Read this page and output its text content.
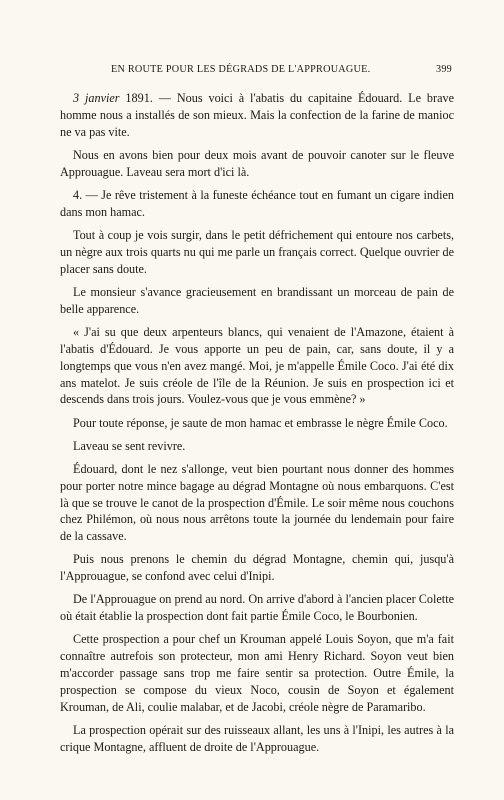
EN ROUTE POUR LES DÉGRADS DE L'APPROUAGUE.	399

3 janvier 1891. — Nous voici à l'abatis du capitaine Édouard. Le brave homme nous a installés de son mieux. Mais la confection de la farine de manioc ne va pas vite.

Nous en avons bien pour deux mois avant de pouvoir canoter sur le fleuve Approuague. Laveau sera mort d'ici là.

4. — Je rêve tristement à la funeste échéance tout en fumant un cigare indien dans mon hamac.

Tout à coup je vois surgir, dans le petit défrichement qui entoure nos carbets, un nègre aux trois quarts nu qui me parle un français correct. Quelque ouvrier de placer sans doute.

Le monsieur s'avance gracieusement en brandissant un morceau de pain de belle apparence.

« J'ai su que deux arpenteurs blancs, qui venaient de l'Amazone, étaient à l'abatis d'Édouard. Je vous apporte un peu de pain, car, sans doute, il y a longtemps que vous n'en avez mangé. Moi, je m'appelle Émile Coco. J'ai été dix ans matelot. Je suis créole de l'île de la Réunion. Je suis en prospection ici et descends dans trois jours. Voulez-vous que je vous emmène? »

Pour toute réponse, je saute de mon hamac et embrasse le nègre Émile Coco.

Laveau se sent revivre.

Édouard, dont le nez s'allonge, veut bien pourtant nous donner des hommes pour porter notre mince bagage au dégrad Montagne où nous embarquons. C'est là que se trouve le canot de la prospection d'Émile. Le soir même nous couchons chez Philémon, où nous nous arrêtons toute la journée du lendemain pour faire de la cassave.

Puis nous prenons le chemin du dégrad Montagne, chemin qui, jusqu'à l'Approuague, se confond avec celui d'Inipi.

De l'Approuague on prend au nord. On arrive d'abord à l'ancien placer Colette où était établie la prospection dont fait partie Émile Coco, le Bourbonien.

Cette prospection a pour chef un Krouman appelé Louis Soyon, que m'a fait connaître autrefois son protecteur, mon ami Henry Richard. Soyon veut bien m'accorder passage sans trop me faire sentir sa protection. Outre Émile, la prospection se compose du vieux Noco, cousin de Soyon et également Krouman, de Ali, coulie malabar, et de Jacobi, créole nègre de Paramaribo.

La prospection opérait sur des ruisseaux allant, les uns à l'Inipi, les autres à la crique Montagne, affluent de droite de l'Approuague.
